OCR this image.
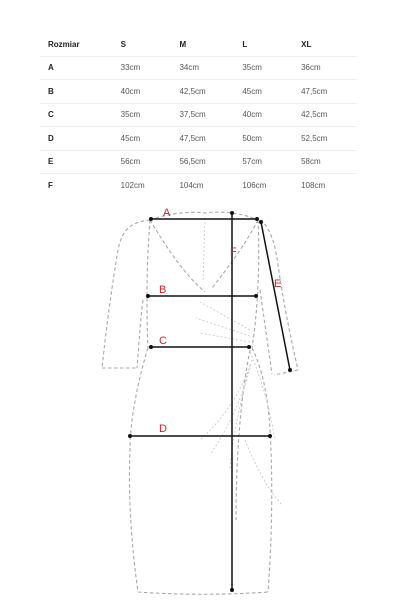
Rozmiar	S	M	L	XL
A	33cm	34cm	35cm	36cm
B	40cm	42,5cm	45cm	47,5cm
C	35cm	37,5cm	40cm	42,5cm
D	45cm	47,5cm	50cm	52,5cm
E	56cm	56,5cm	57cm	58cm
F	102cm	104cm	106cm	108cm
A
B
C
D
E
F
